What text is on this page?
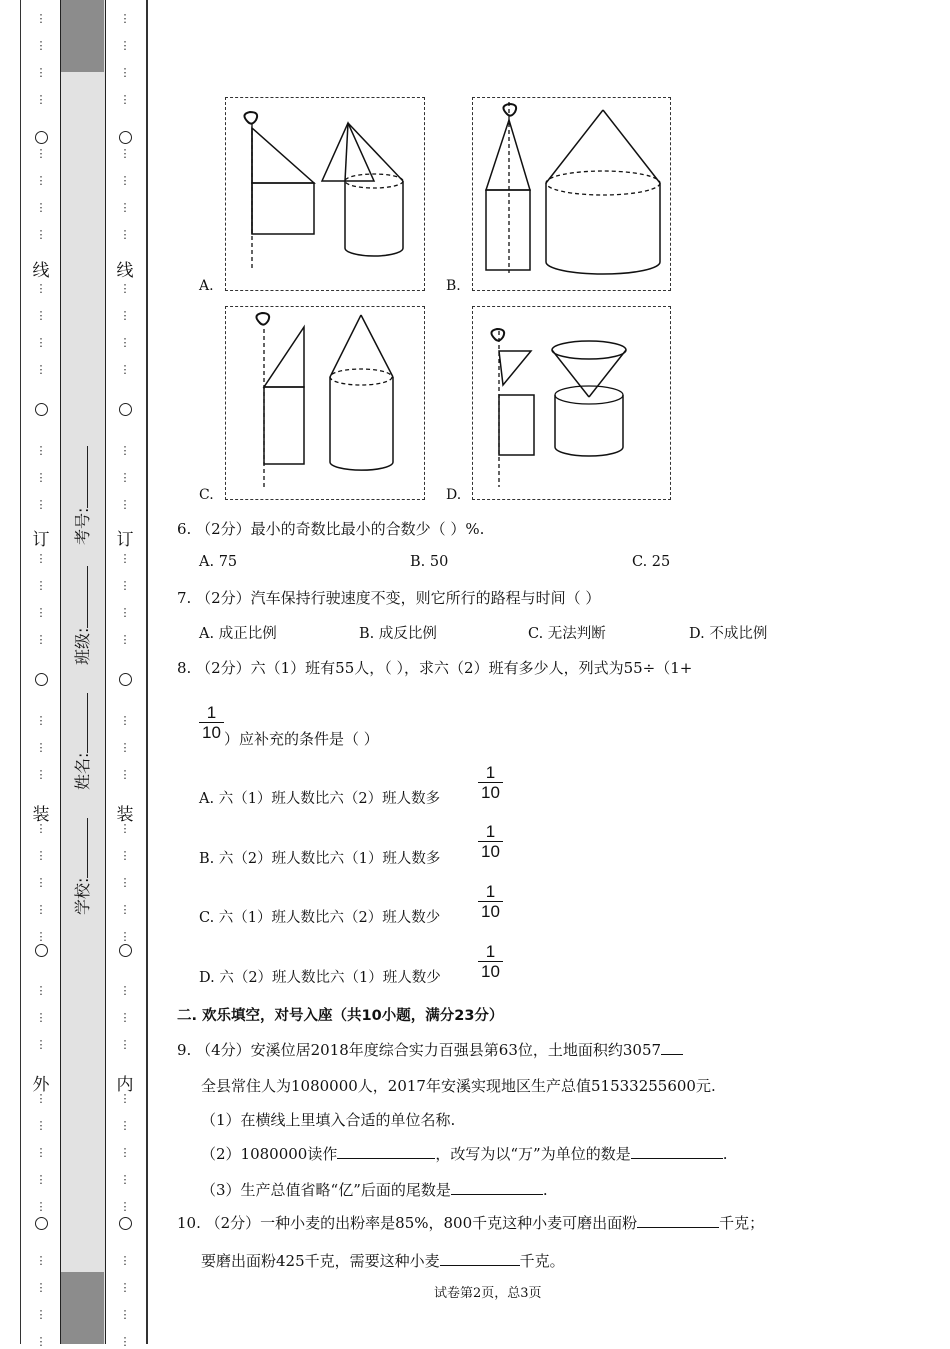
⋮
⋮
⋮
⋮
⋮
⋮
⋮
⋮
⋮
⋮
⋮
⋮
⋮
⋮
⋮
⋮
⋮
⋮
⋮
⋮
⋮
⋮
⋮
⋮
⋮
⋮
⋮
⋮
⋮
⋮
⋮
⋮
⋮
⋮
⋮
⋮
⋮
⋮
⋮
⋮
⋮
⋮
⋮
⋮
⋮
⋮
⋮
⋮
⋮
⋮
⋮
⋮
⋮
⋮
⋮
⋮
⋮
⋮
⋮
⋮
⋮
⋮
⋮
⋮
⋮
⋮
⋮
⋮
⋮
⋮
⋮
⋮
⋮
⋮
⋮
⋮
⋮
⋮
线
订
装
外
线
订
装
内
学校:
姓名:
班级:
考号:
A.	B.
C.	D.
6. （2分）最小的奇数比最小的合数少（ ）%.
A. 75	B. 50	C. 25
7. （2分）汽车保持行驶速度不变，则它所行的路程与时间（ ）
A. 成正比例	B. 成反比例	C. 无法判断	D. 不成比例
8. （2分）六（1）班有55人，（ ），求六（2）班有多少人，列式为55÷（1+
1
10 ）应补充的条件是（ ）
A. 六（1）班人数比六（2）班人数多
1
10
B. 六（2）班人数比六（1）班人数多
1
10
C. 六（1）班人数比六（2）班人数少
1
10
D. 六（2）班人数比六（1）班人数少
1
10
二. 欢乐填空，对号入座（共10小题，满分23分）
9. （4分）安溪位居2018年度综合实力百强县第63位，土地面积约3057
全县常住人为1080000人，2017年安溪实现地区生产总值51533255600元.
（1）在横线上里填入合适的单位名称.
（2）1080000读作	，改写为以“万”为单位的数是	.
（3）生产总值省略“亿”后面的尾数是	.
10. （2分）一种小麦的出粉率是85%，800千克这种小麦可磨出面粉	千克；
要磨出面粉425千克，需要这种小麦	千克。
试卷第2页，总3页
